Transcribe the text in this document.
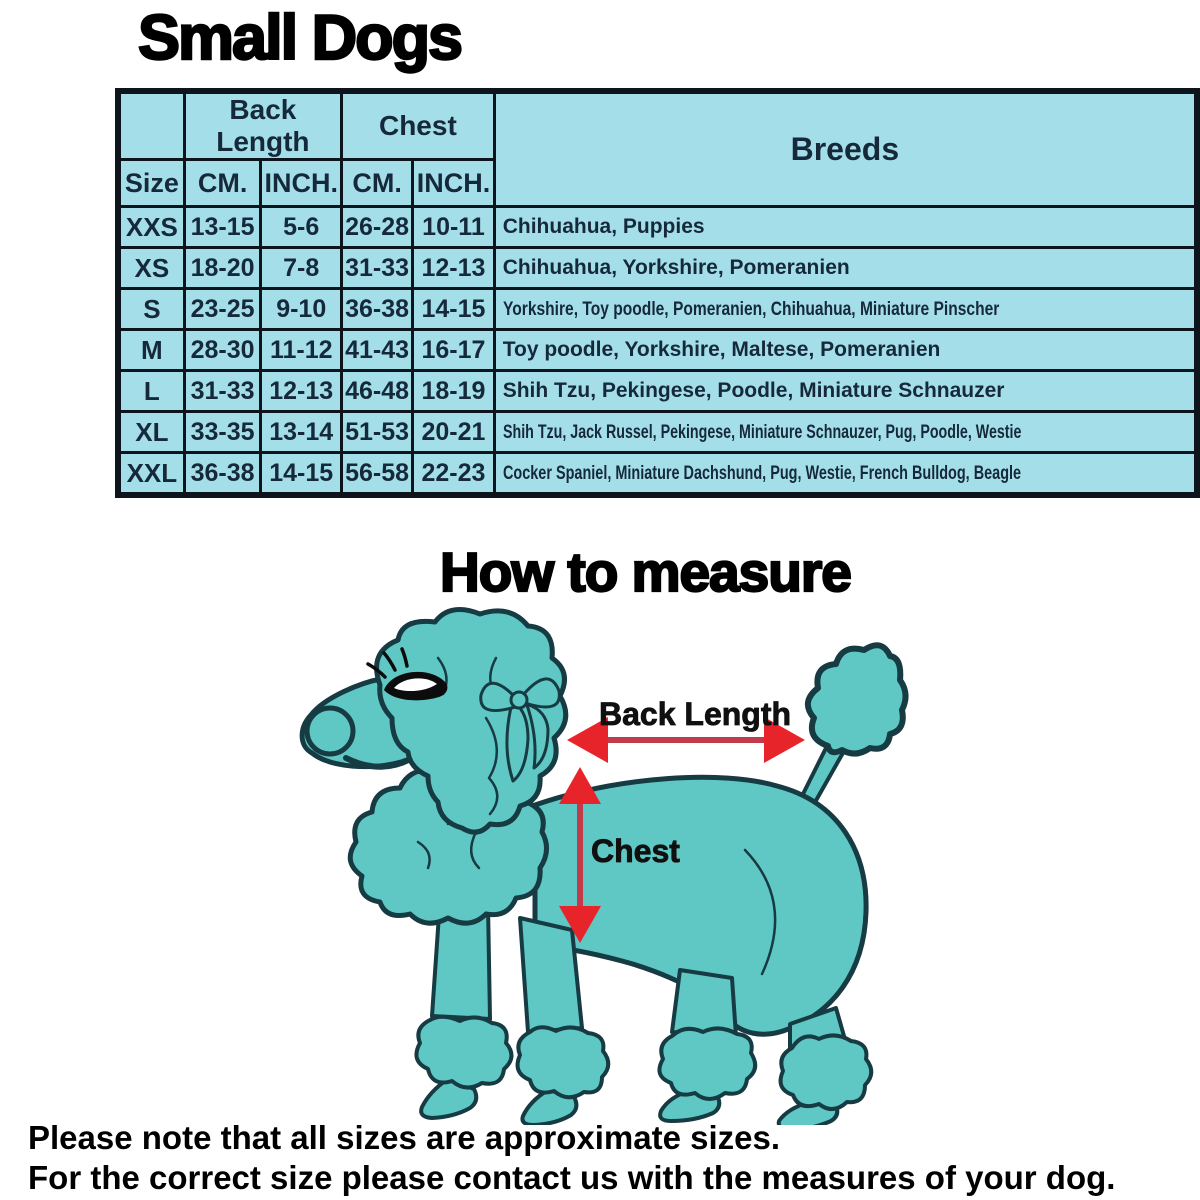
Small Dogs
	Back Length		Chest		Breeds
Size	CM.	INCH.	CM.	INCH.	
XXS	13-15	5-6	26-28	10-11	Chihuahua, Puppies
XS	18-20	7-8	31-33	12-13	Chihuahua, Yorkshire, Pomeranien
S	23-25	9-10	36-38	14-15	Yorkshire, Toy poodle, Pomeranien, Chihuahua, Miniature Pinscher
M	28-30	11-12	41-43	16-17	Toy poodle, Yorkshire, Maltese, Pomeranien
L	31-33	12-13	46-48	18-19	Shih Tzu, Pekingese, Poodle, Miniature Schnauzer
XL	33-35	13-14	51-53	20-21	Shih Tzu, Jack Russel, Pekingese, Miniature Schnauzer, Pug, Poodle, Westie
XXL	36-38	14-15	56-58	22-23	Cocker Spaniel, Miniature Dachshund, Pug, Westie, French Bulldog, Beagle
How to measure
Back Length
Chest
Please note that all sizes are approximate sizes.
For the correct size please contact us with the measures of your dog.
